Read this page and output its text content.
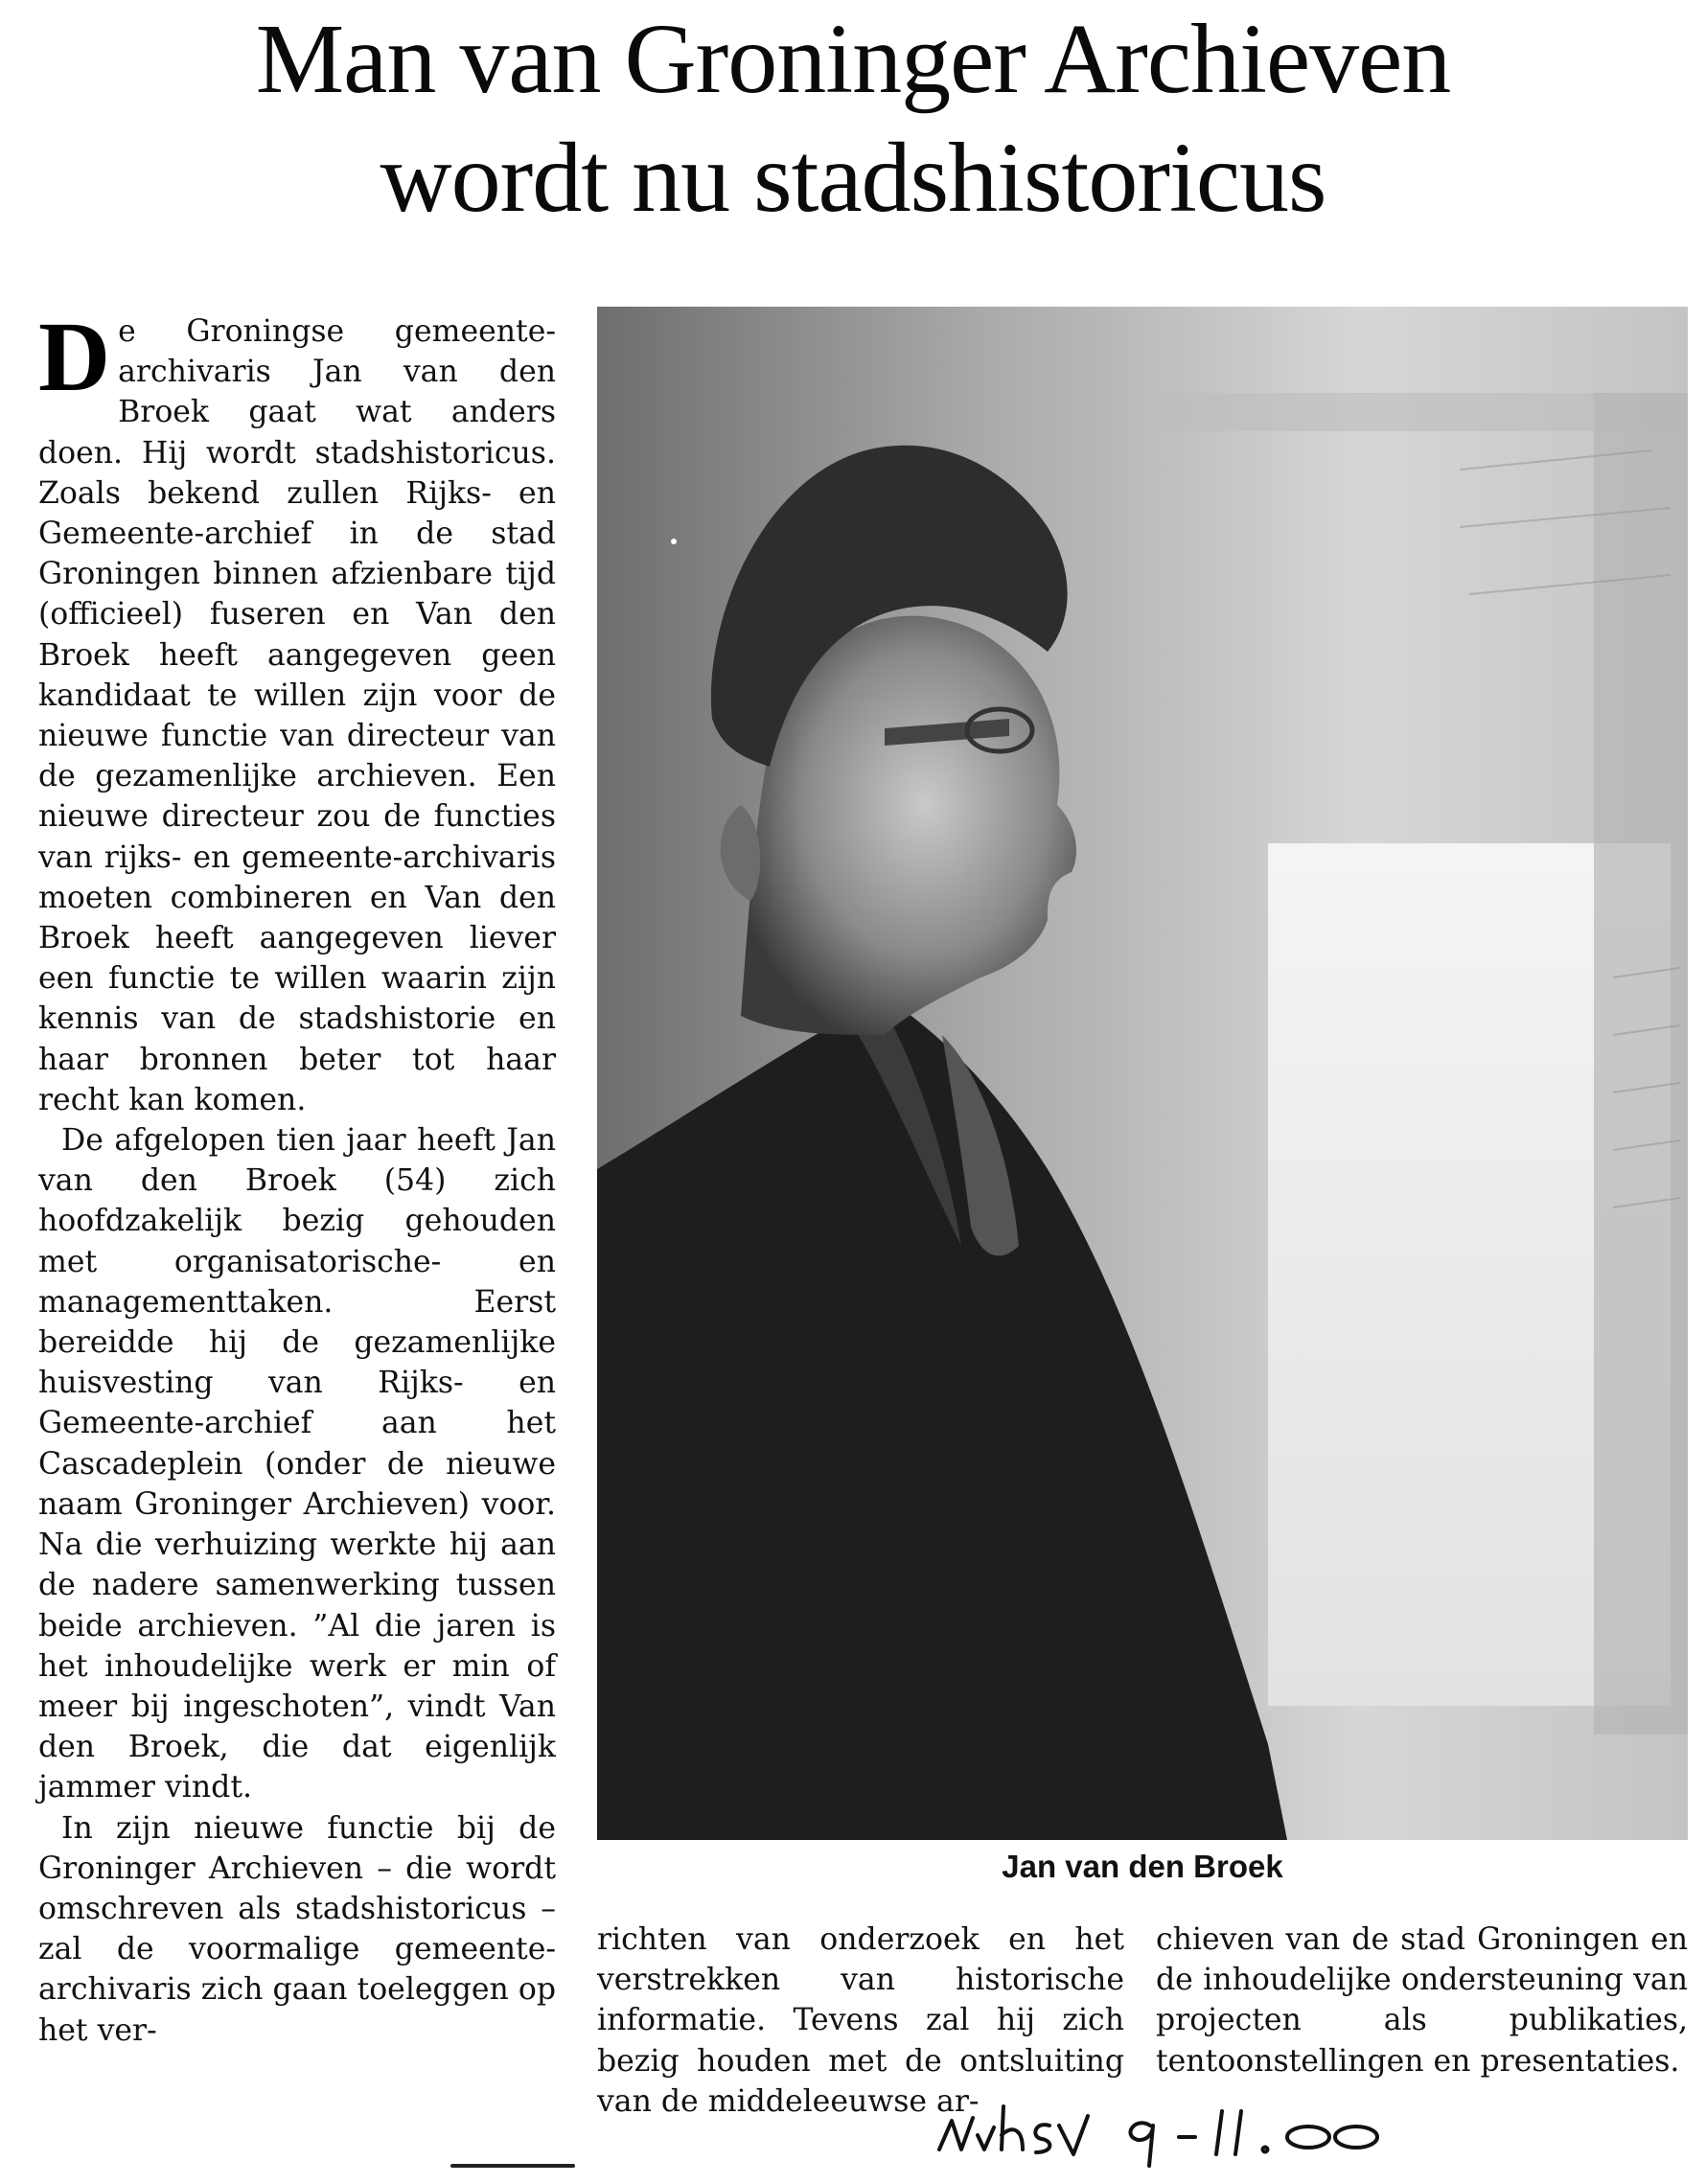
Man van Groninger Archieven
wordt nu stadshistoricus

De Groningse gemeente-archivaris Jan van den Broek gaat wat anders doen. Hij wordt stadshistoricus. Zoals bekend zullen Rijks- en Gemeente-archief in de stad Groningen binnen afzienbare tijd (officieel) fuseren en Van den Broek heeft aangegeven geen kandidaat te willen zijn voor de nieuwe functie van directeur van de gezamenlijke archieven. Een nieuwe directeur zou de functies van rijks- en gemeente-archivaris moeten combineren en Van den Broek heeft aangegeven liever een functie te willen waarin zijn kennis van de stadshistorie en haar bronnen beter tot haar recht kan komen.

De afgelopen tien jaar heeft Jan van den Broek (54) zich hoofdzakelijk bezig gehouden met organisatorische- en managementtaken. Eerst bereidde hij de gezamenlijke huisvesting van Rijks- en Gemeente-archief aan het Cascadeplein (onder de nieuwe naam Groninger Archieven) voor. Na die verhuizing werkte hij aan de nadere samenwerking tussen beide archieven. ”Al die jaren is het inhoudelijke werk er min of meer bij ingeschoten”, vindt Van den Broek, die dat eigenlijk jammer vindt.

In zijn nieuwe functie bij de Groninger Archieven – die wordt omschreven als stadshistoricus – zal de voormalige gemeente-archivaris zich gaan toeleggen op het ver-

Jan van den Broek

richten van onderzoek en het verstrekken van historische informatie. Tevens zal hij zich bezig houden met de ontsluiting van de middeleeuwse ar-

chieven van de stad Groningen en de inhoudelijke ondersteuning van projecten als publikaties, tentoonstellingen en presentaties.
